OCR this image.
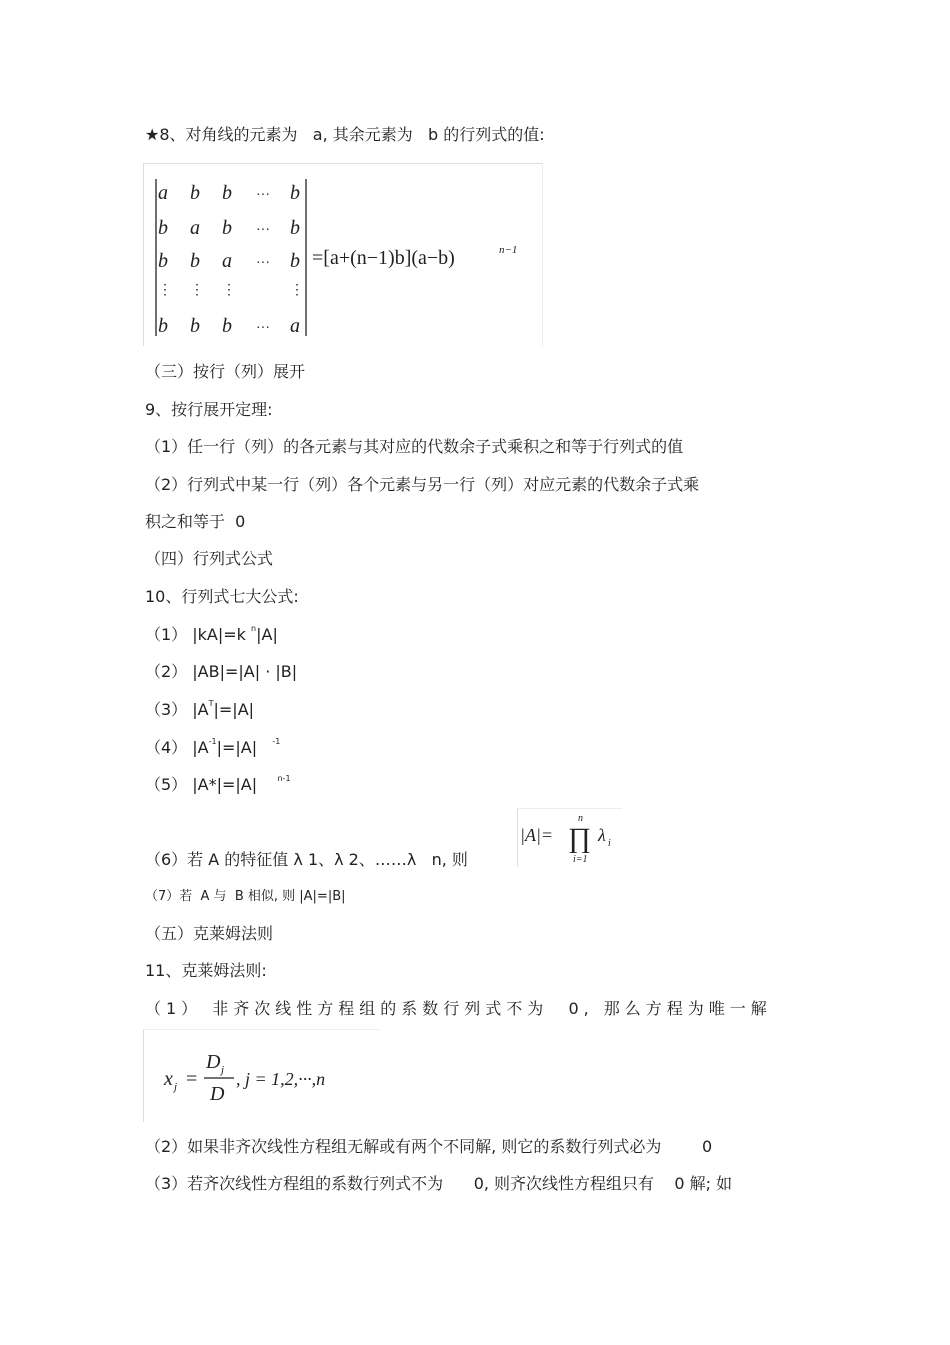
★8、对角线的元素为 a, 其余元素为 b 的行列式的值:
a b b ··· b
b a b ··· b
b b a ··· b
⋮ ⋮ ⋮	⋮
b b b ··· a
=[a+(n−1)b](a−b)	n−1
（三）按行（列）展开
9、按行展开定理:
（1）任一行（列）的各元素与其对应的代数余子式乘积之和等于行列式的值
（2）行列式中某一行（列）各个元素与另一行（列）对应元素的代数余子式乘
积之和等于  0
（四）行列式公式
10、行列式七大公式:
（1） |kA|=k $^n$|A|
（2） |AB|=|A| · |B|
（3） $|A^T|=|A|$
（4） $|A^{-1}|=|A|$ $^{-1}$
（5） |A*|=|A|	$^{n-1}$
（6）若 A 的特征值 λ 1、λ 2、……λ   n, 则
|A|=
n
∏
i=1
λ i
（7）若  A 与  B 相似, 则 |A|=|B|
（五）克莱姆法则
11、克莱姆法则:
（1） 非齐次线性方程组的系数行列式不为  0, 那么方程为唯一解
x j =
D j
D
, j = 1,2,···,n
（2）如果非齐次线性方程组无解或有两个不同解, 则它的系数行列式必为        0
（3）若齐次线性方程组的系数行列式不为      0, 则齐次线性方程组只有    0 解; 如
